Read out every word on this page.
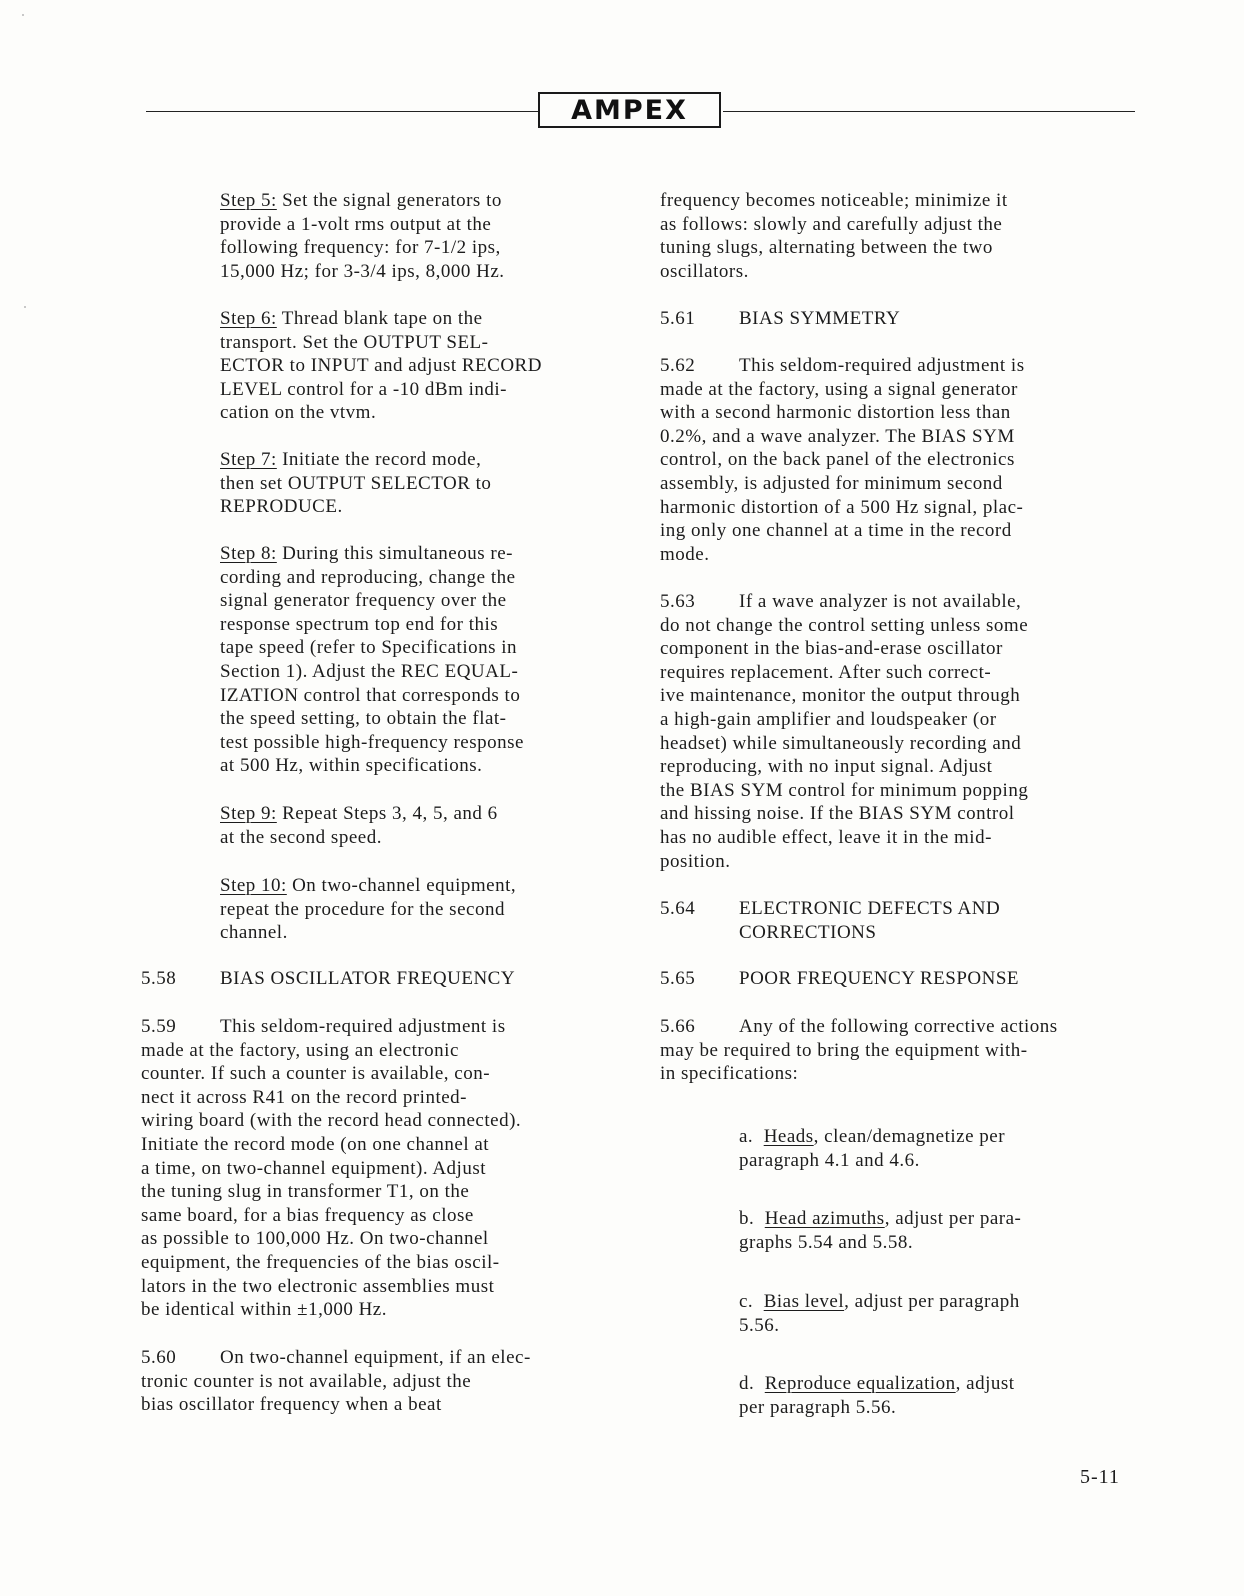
AMPEX
Step 5: Set the signal generators to
provide a 1-volt rms output at the
following frequency: for 7-1/2 ips,
15,000 Hz; for 3-3/4 ips, 8,000 Hz.
Step 6: Thread blank tape on the
transport. Set the OUTPUT SEL-
ECTOR to INPUT and adjust RECORD
LEVEL control for a -10 dBm indi-
cation on the vtvm.
Step 7: Initiate the record mode,
then set OUTPUT SELECTOR to
REPRODUCE.
Step 8: During this simultaneous re-
cording and reproducing, change the
signal generator frequency over the
response spectrum top end for this
tape speed (refer to Specifications in
Section 1). Adjust the REC EQUAL-
IZATION control that corresponds to
the speed setting, to obtain the flat-
test possible high-frequency response
at 500 Hz, within specifications.
Step 9: Repeat Steps 3, 4, 5, and 6
at the second speed.
Step 10: On two-channel equipment,
repeat the procedure for the second
channel.
5.58 BIAS OSCILLATOR FREQUENCY
5.59	This seldom-required adjustment is
made at the factory, using an electronic
counter. If such a counter is available, con-
nect it across R41 on the record printed-
wiring board (with the record head connected).
Initiate the record mode (on one channel at
a time, on two-channel equipment). Adjust
the tuning slug in transformer T1, on the
same board, for a bias frequency as close
as possible to 100,000 Hz. On two-channel
equipment, the frequencies of the bias oscil-
lators in the two electronic assemblies must
be identical within ±1,000 Hz.
5.60	On two-channel equipment, if an elec-
tronic counter is not available, adjust the
bias oscillator frequency when a beat
frequency becomes noticeable; minimize it
as follows: slowly and carefully adjust the
tuning slugs, alternating between the two
oscillators.
5.61 BIAS SYMMETRY
5.62	This seldom-required adjustment is
made at the factory, using a signal generator
with a second harmonic distortion less than
0.2%, and a wave analyzer. The BIAS SYM
control, on the back panel of the electronics
assembly, is adjusted for minimum second
harmonic distortion of a 500 Hz signal, plac-
ing only one channel at a time in the record
mode.
5.63	If a wave analyzer is not available,
do not change the control setting unless some
component in the bias-and-erase oscillator
requires replacement. After such correct-
ive maintenance, monitor the output through
a high-gain amplifier and loudspeaker (or
headset) while simultaneously recording and
reproducing, with no input signal. Adjust
the BIAS SYM control for minimum popping
and hissing noise. If the BIAS SYM control
has no audible effect, leave it in the mid-
position.
5.64 ELECTRONIC DEFECTS AND
CORRECTIONS
5.65 POOR FREQUENCY RESPONSE
5.66	Any of the following corrective actions
may be required to bring the equipment with-
in specifications:
a. Heads, clean/demagnetize per
paragraph 4.1 and 4.6.
b. Head azimuths, adjust per para-
graphs 5.54 and 5.58.
c. Bias level, adjust per paragraph
5.56.
d. Reproduce equalization, adjust
per paragraph 5.56.
5-11
